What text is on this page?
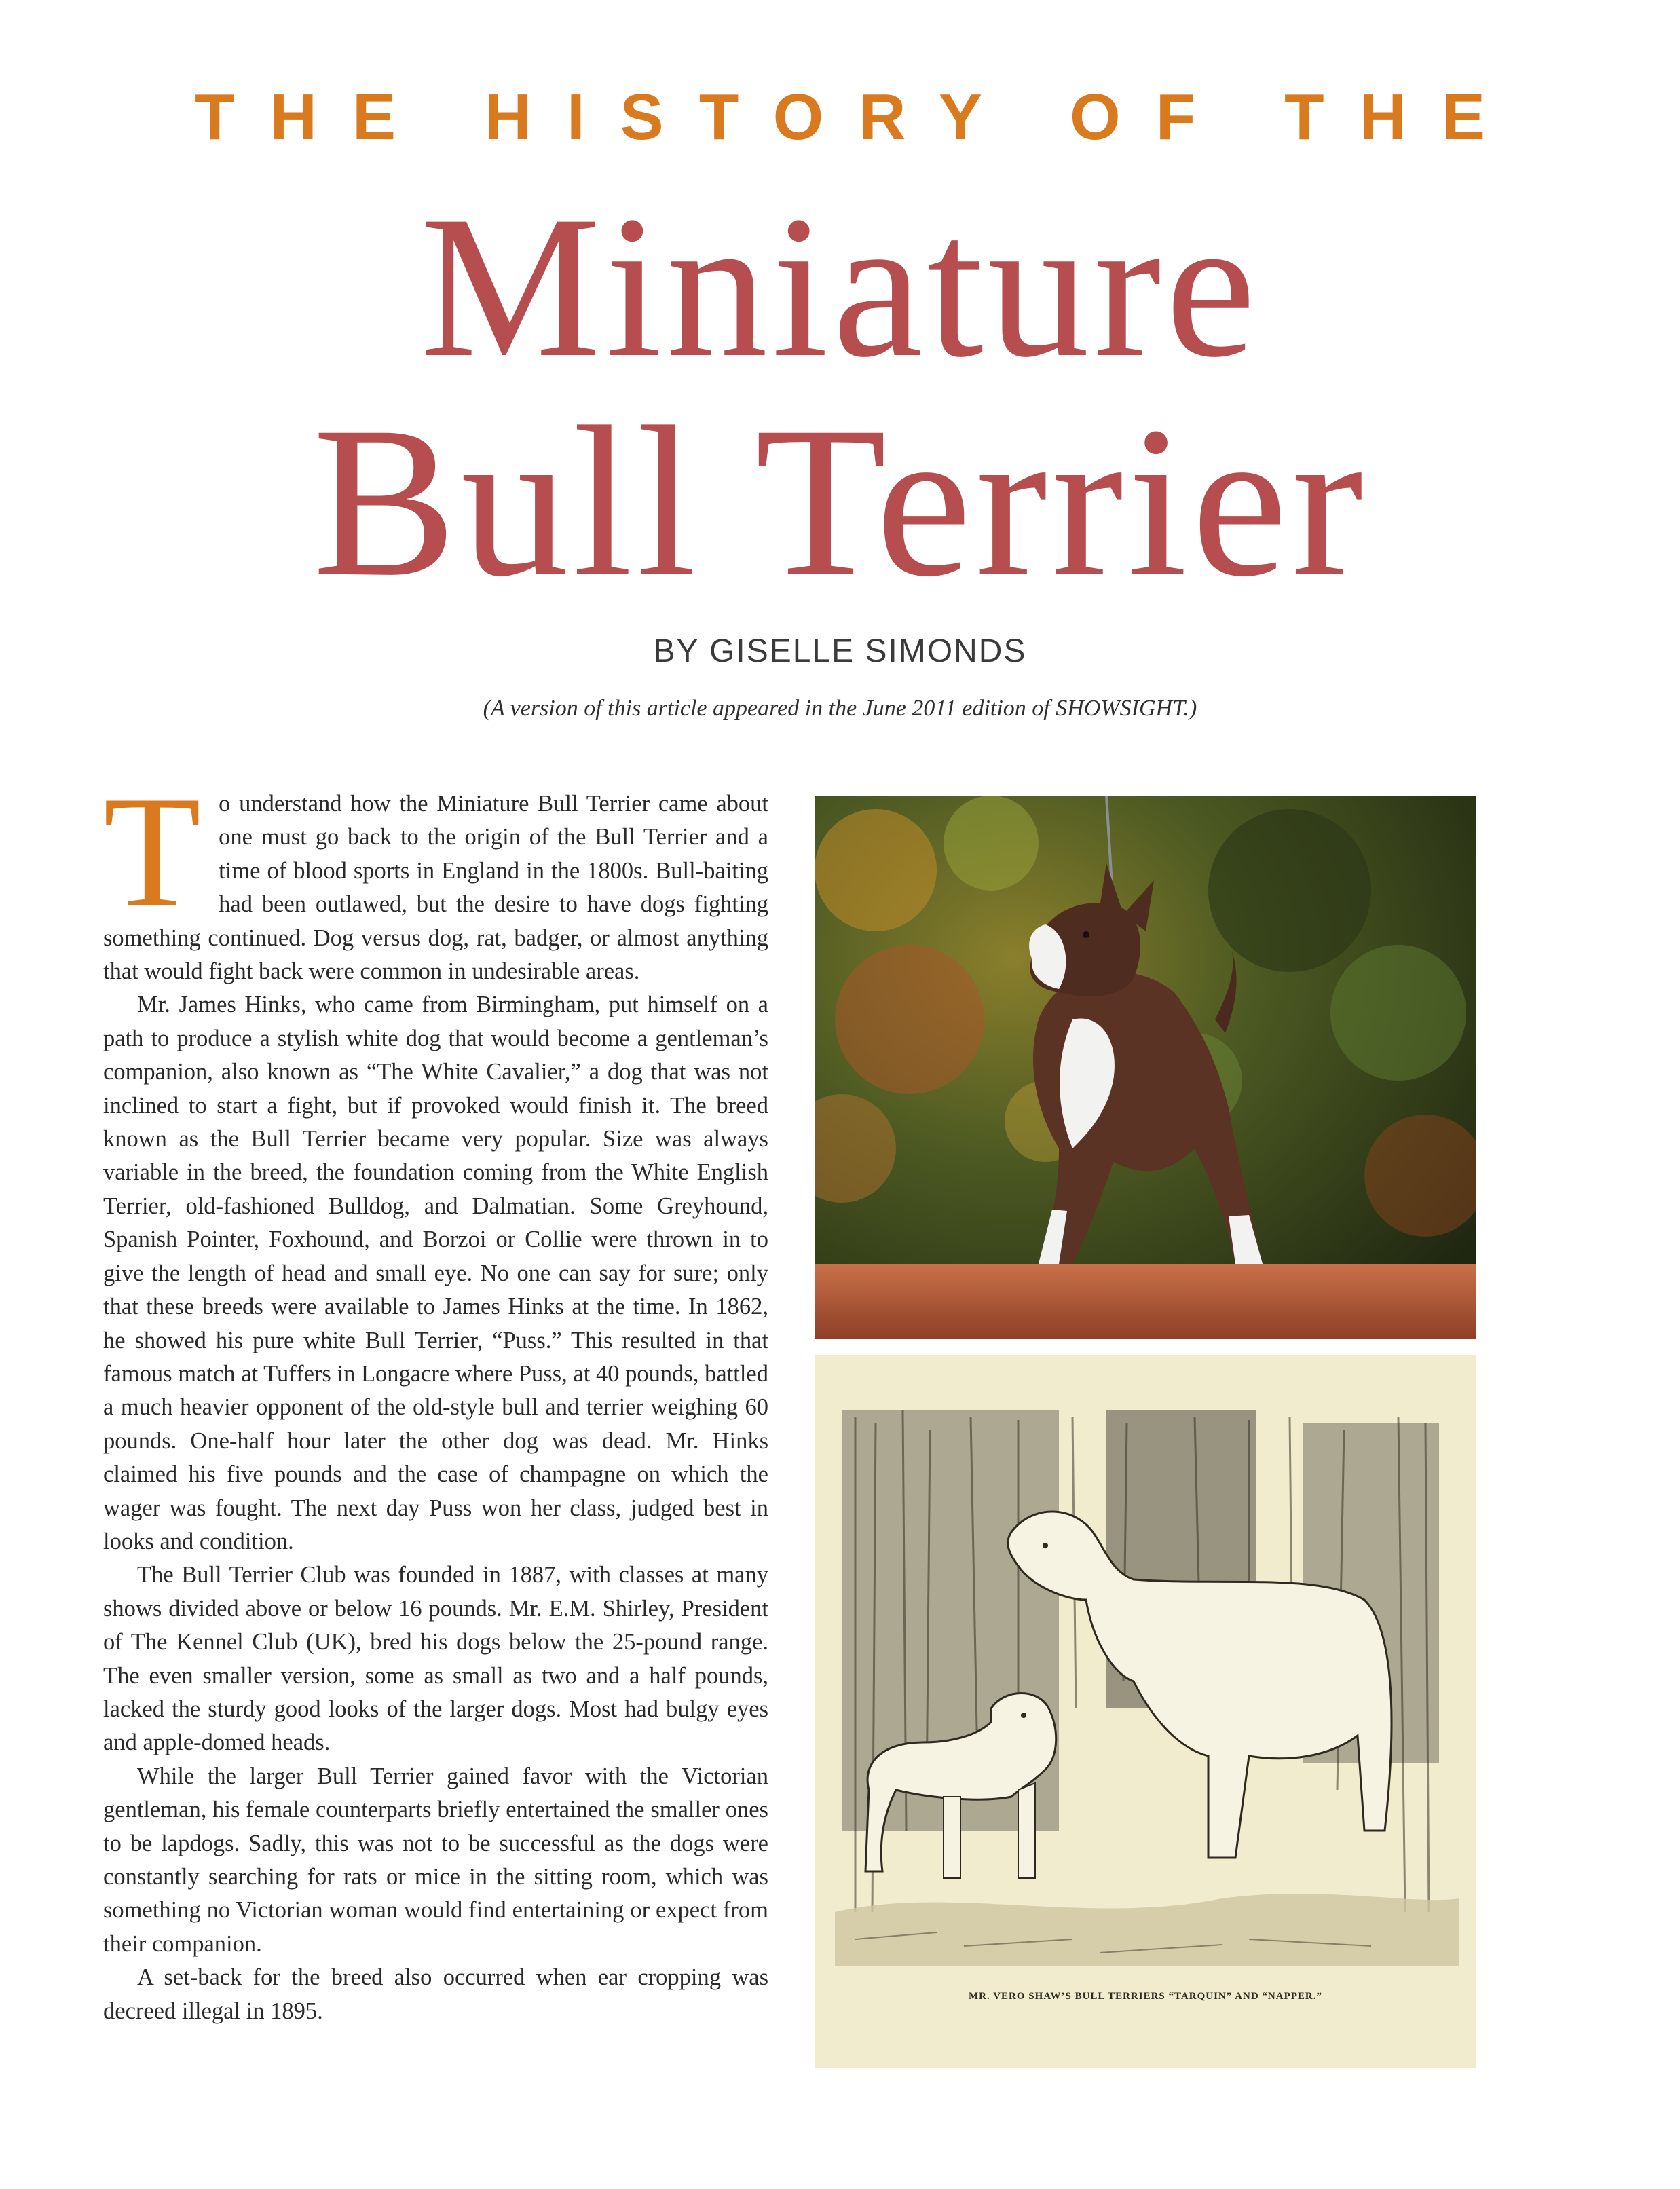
THE HISTORY OF THE
Miniature
Bull Terrier
BY GISELLE SIMONDS
(A version of this article appeared in the June 2011 edition of SHOWSIGHT.)

To understand how the Miniature Bull Terrier came about one must go back to the origin of the Bull Terrier and a time of blood sports in England in the 1800s. Bull-baiting had been outlawed, but the desire to have dogs fighting something continued. Dog versus dog, rat, badger, or almost anything that would fight back were common in undesirable areas.

Mr. James Hinks, who came from Birmingham, put himself on a path to produce a stylish white dog that would become a gentleman’s companion, also known as “The White Cavalier,” a dog that was not inclined to start a fight, but if provoked would finish it. The breed known as the Bull Terrier became very popular. Size was always variable in the breed, the foundation coming from the White English Terrier, old-fashioned Bulldog, and Dalmatian. Some Greyhound, Spanish Pointer, Foxhound, and Borzoi or Collie were thrown in to give the length of head and small eye. No one can say for sure; only that these breeds were available to James Hinks at the time. In 1862, he showed his pure white Bull Terrier, “Puss.” This resulted in that famous match at Tuffers in Longacre where Puss, at 40 pounds, battled a much heavier opponent of the old-style bull and terrier weighing 60 pounds. One-half hour later the other dog was dead. Mr. Hinks claimed his five pounds and the case of champagne on which the wager was fought. The next day Puss won her class, judged best in looks and condition.

The Bull Terrier Club was founded in 1887, with classes at many shows divided above or below 16 pounds. Mr. E.M. Shirley, President of The Kennel Club (UK), bred his dogs below the 25-pound range. The even smaller version, some as small as two and a half pounds, lacked the sturdy good looks of the larger dogs. Most had bulgy eyes and apple-domed heads.

While the larger Bull Terrier gained favor with the Victorian gentleman, his female counterparts briefly entertained the smaller ones to be lapdogs. Sadly, this was not to be successful as the dogs were constantly searching for rats or mice in the sitting room, which was something no Victorian woman would find entertaining or expect from their companion.

A set-back for the breed also occurred when ear cropping was decreed illegal in 1895.

MR. VERO SHAW’S BULL TERRIERS “TARQUIN” AND “NAPPER.”
